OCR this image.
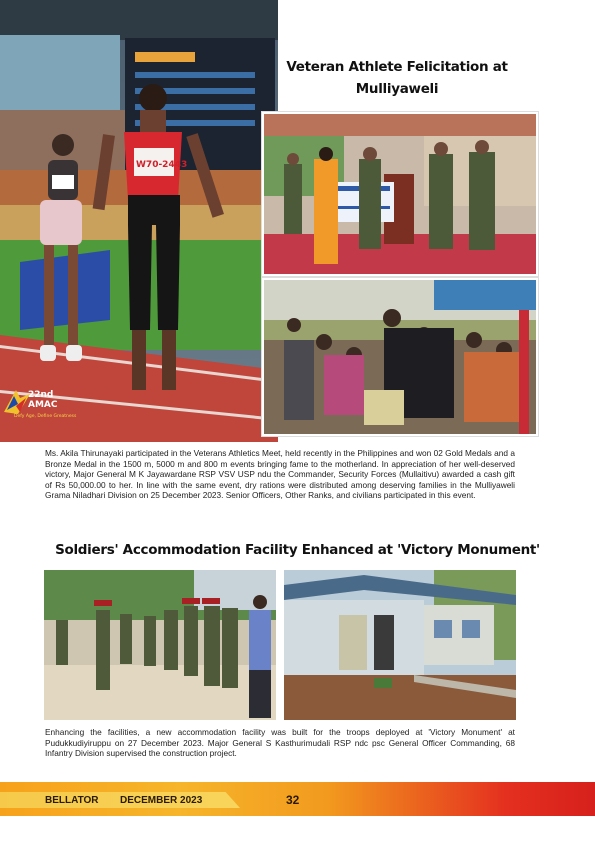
W70-2443
22nd AMAC
Defy Age, Define Greatness
Veteran Athlete Felicitation at
Mulliyaweli
Ms. Akila Thirunayaki participated in the Veterans Athletics Meet, held recently in the Philippines and won 02 Gold Medals and a Bronze Medal in the 1500 m, 5000 m and 800 m events bringing fame to the motherland. In appreciation of her well-deserved victory, Major General M K Jayawardane RSP VSV USP ndu the Commander, Security Forces (Mullaitivu) awarded a cash gift of Rs 50,000.00 to her. In line with the same event, dry rations were distributed among deserving families in the Mulliyaweli Grama Niladhari Division on 25 December 2023. Senior Officers, Other Ranks, and civilians participated in this event.
Soldiers' Accommodation Facility Enhanced at 'Victory Monument'
Enhancing the facilities, a new accommodation facility was built for the troops deployed at 'Victory Monument' at Pudukkudiyiruppu on 27 December 2023. Major General S Kasthurimudali RSP ndc psc General Officer Commanding, 68 Infantry Division supervised the construction project.
BELLATOR DECEMBER 2023	32
